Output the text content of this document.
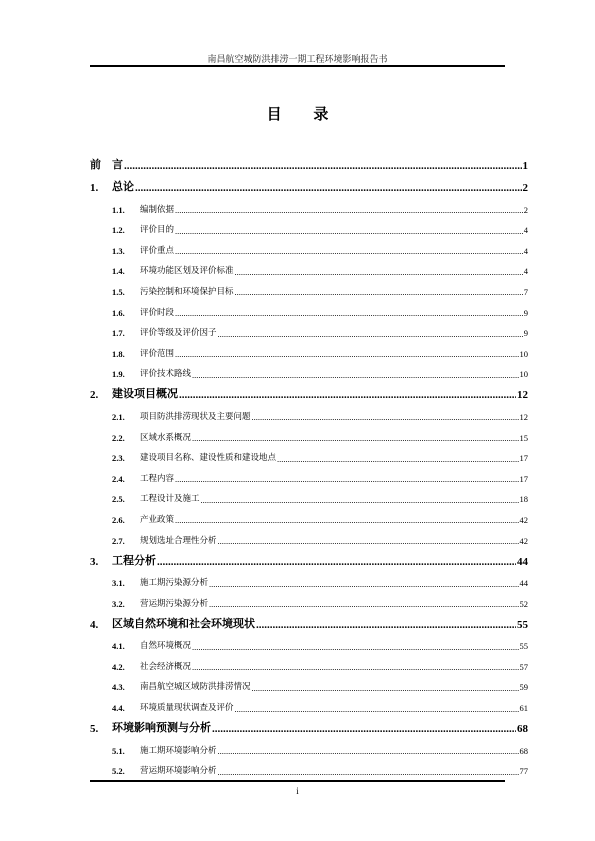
南昌航空城防洪排涝一期工程环境影响报告书
目 录
前	言 .....	1
1.	总论 .....	2
1.1.	编制依据 .....	2
1.2.	评价目的 .....	4
1.3.	评价重点 .....	4
1.4.	环境功能区划及评价标准 .....	4
1.5.	污染控制和环境保护目标 .....	7
1.6.	评价时段 .....	9
1.7.	评价等级及评价因子 .....	9
1.8.	评价范围 .....	10
1.9.	评价技术路线 .....	10
2.	建设项目概况 .....	12
2.1.	项目防洪排涝现状及主要问题 .....	12
2.2.	区域水系概况 .....	15
2.3.	建设项目名称、建设性质和建设地点 .....	17
2.4.	工程内容 .....	17
2.5.	工程设计及施工 .....	18
2.6.	产业政策 .....	42
2.7.	规划选址合理性分析 .....	42
3.	工程分析 .....	44
3.1.	施工期污染源分析 .....	44
3.2.	营运期污染源分析 .....	52
4.	区域自然环境和社会环境现状 .....	55
4.1.	自然环境概况 .....	55
4.2.	社会经济概况 .....	57
4.3.	南昌航空城区域防洪排涝情况 .....	59
4.4.	环境质量现状调查及评价 .....	61
5.	环境影响预测与分析 .....	68
5.1.	施工期环境影响分析 .....	68
5.2.	营运期环境影响分析 .....	77
i
